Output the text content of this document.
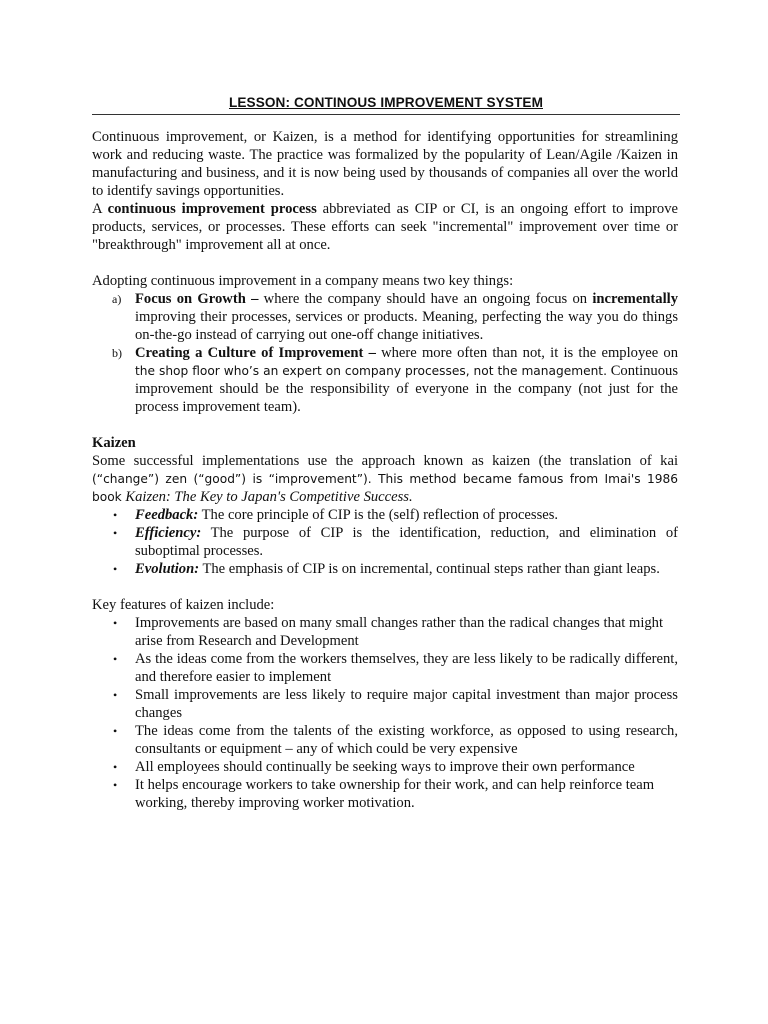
LESSON: CONTINOUS IMPROVEMENT SYSTEM

Continuous improvement, or Kaizen, is a method for identifying opportunities for streamlining work and reducing waste. The practice was formalized by the popularity of Lean/Agile /Kaizen in manufacturing and business, and it is now being used by thousands of companies all over the world to identify savings opportunities.

A continuous improvement process abbreviated as CIP or CI, is an ongoing effort to improve products, services, or processes. These efforts can seek "incremental" improvement over time or "breakthrough" improvement all at once.

Adopting continuous improvement in a company means two key things:

a) Focus on Growth – where the company should have an ongoing focus on incrementally improving their processes, services or products. Meaning, perfecting the way you do things on-the-go instead of carrying out one-off change initiatives.

b) Creating a Culture of Improvement – where more often than not, it is the employee on the shop floor who’s an expert on company processes, not the management. Continuous improvement should be the responsibility of everyone in the company (not just for the process improvement team).

Kaizen

Some successful implementations use the approach known as kaizen (the translation of kai (“change”) zen (“good”) is “improvement”). This method became famous from Imai's 1986 book Kaizen: The Key to Japan's Competitive Success.

• Feedback: The core principle of CIP is the (self) reflection of processes.

• Efficiency: The purpose of CIP is the identification, reduction, and elimination of suboptimal processes.

• Evolution: The emphasis of CIP is on incremental, continual steps rather than giant leaps.

Key features of kaizen include:

• Improvements are based on many small changes rather than the radical changes that might arise from Research and Development

• As the ideas come from the workers themselves, they are less likely to be radically different, and therefore easier to implement

• Small improvements are less likely to require major capital investment than major process changes

• The ideas come from the talents of the existing workforce, as opposed to using research, consultants or equipment – any of which could be very expensive

• All employees should continually be seeking ways to improve their own performance

• It helps encourage workers to take ownership for their work, and can help reinforce team working, thereby improving worker motivation.
